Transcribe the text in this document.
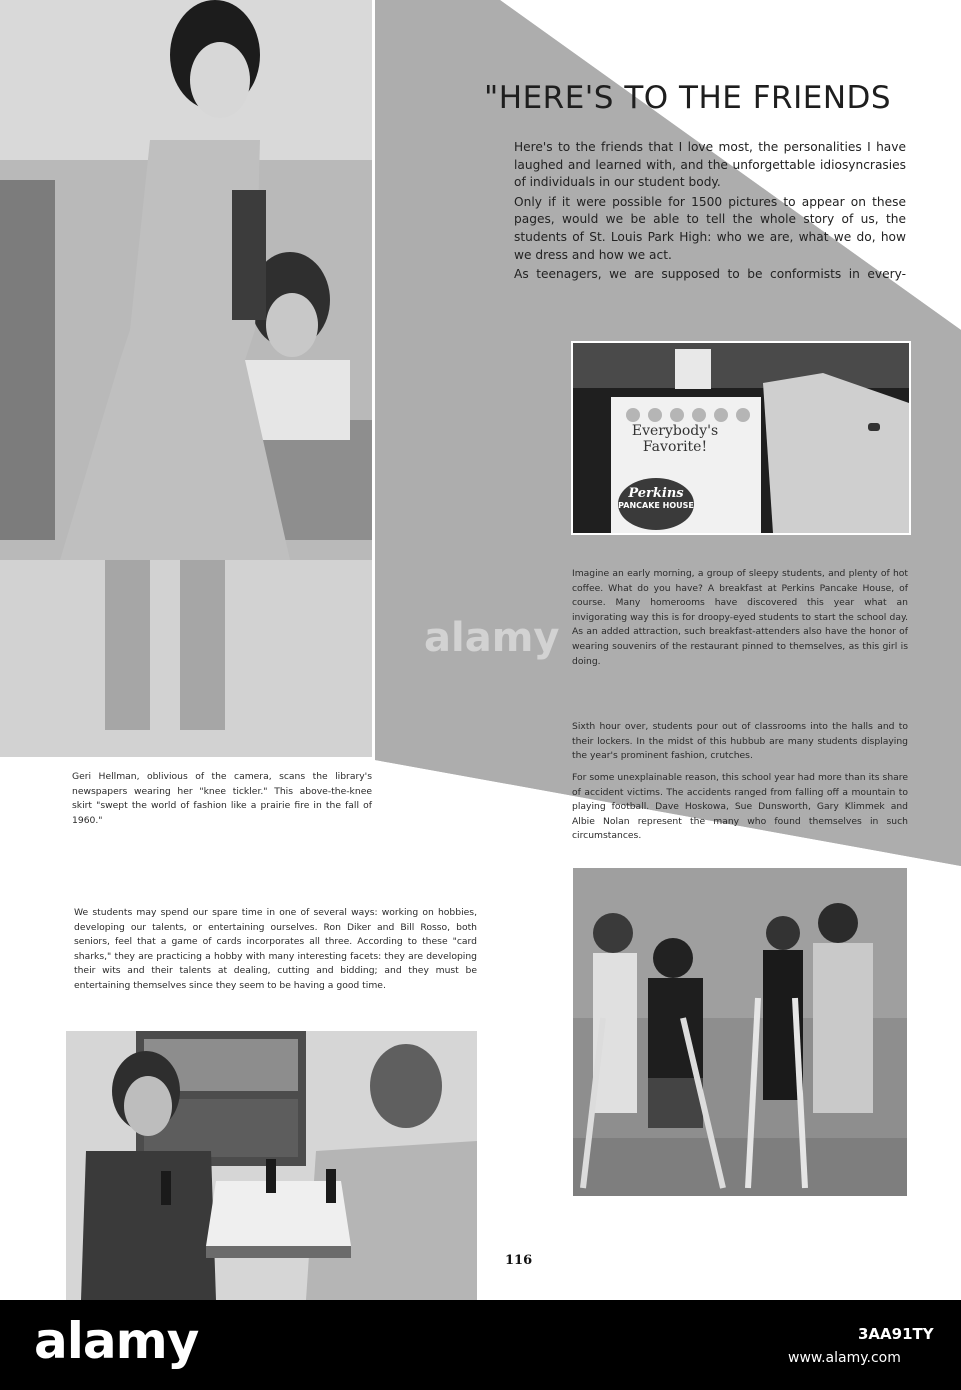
"HERE'S TO THE FRIENDS

Here's to the friends that I love most, the personalities I have laughed and learned with, and the unforgettable idiosyncrasies of individuals in our student body.

Only if it were possible for 1500 pictures to appear on these pages, would we be able to tell the whole story of us, the students of St. Louis Park High: who we are, what we do, how we dress and how we act.

As teenagers, we are supposed to be conformists in every-

Everybody's
Favorite!
Perkins
PANCAKE HOUSE

Imagine an early morning, a group of sleepy students, and plenty of hot coffee. What do you have? A breakfast at Perkins Pancake House, of course. Many homerooms have discovered this year what an invigorating way this is for droopy-eyed students to start the school day. As an added attraction, such breakfast-attenders also have the honor of wearing souvenirs of the restaurant pinned to themselves, as this girl is doing.

Sixth hour over, students pour out of classrooms into the halls and to their lockers. In the midst of this hubbub are many students displaying the year's prominent fashion, crutches.

For some unexplainable reason, this school year had more than its share of accident victims. The accidents ranged from falling off a mountain to playing football. Dave Hoskowa, Sue Dunsworth, Gary Klimmek and Albie Nolan represent the many who found themselves in such circumstances.

Geri Hellman, oblivious of the camera, scans the library's newspapers wearing her "knee tickler." This above-the-knee skirt "swept the world of fashion like a prairie fire in the fall of 1960."

We students may spend our spare time in one of several ways: working on hobbies, developing our talents, or entertaining ourselves. Ron Diker and Bill Rosso, both seniors, feel that a game of cards incorporates all three. According to these "card sharks," they are practicing a hobby with many interesting facets: they are developing their wits and their talents at dealing, cutting and bidding; and they must be entertaining themselves since they seem to be having a good time.

alamy
116
alamy	3AA91TY
www.alamy.com
